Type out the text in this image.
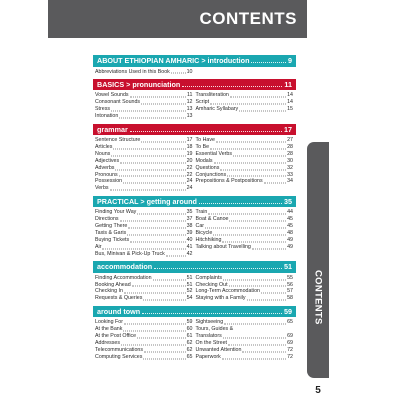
CONTENTS
ABOUT ETHIOPIAN AMHARIC > introduction	9
Abbreviations Used in this Book	10
BASICS > pronunciation	11
Vowel Sounds	11
Consonant Sounds	12
Stress	13
Intonation	13
Transliteration	14
Script	14
Amharic Syllabary	15
grammar	17
Sentence Structure	17
Articles	18
Nouns	19
Adjectives	20
Adverbs	22
Pronouns	22
Possession	24
Verbs	24
To Have	27
To Be	28
Essential Verbs	28
Modals	30
Questions	32
Conjunctions	33
Prepositions & Postpositions	34
PRACTICAL > getting around	35
Finding Your Way	35
Directions	37
Getting There	38
Taxis & Garis	39
Buying Tickets	40
Air	41
Bus, Minivan & Pick-Up Truck	42
Train	44
Boat & Canoe	45
Car	45
Bicycle	48
Hitchhiking	49
Talking about Travelling	49
accommodation	51
Finding Accommodation	51
Booking Ahead	51
Checking In	52
Requests & Queries	54
Complaints	55
Checking Out	56
Long-Term Accommodation	57
Staying with a Family	58
around town	59
Looking For	59
At the Bank	60
At the Post Office	61
Addresses	62
Telecommunications	62
Computing Services	65
Sightseeing	65
Tours, Guides &
Translators	69
On the Street	69
Unwanted Attention	72
Paperwork	72
CONTENTS
5
